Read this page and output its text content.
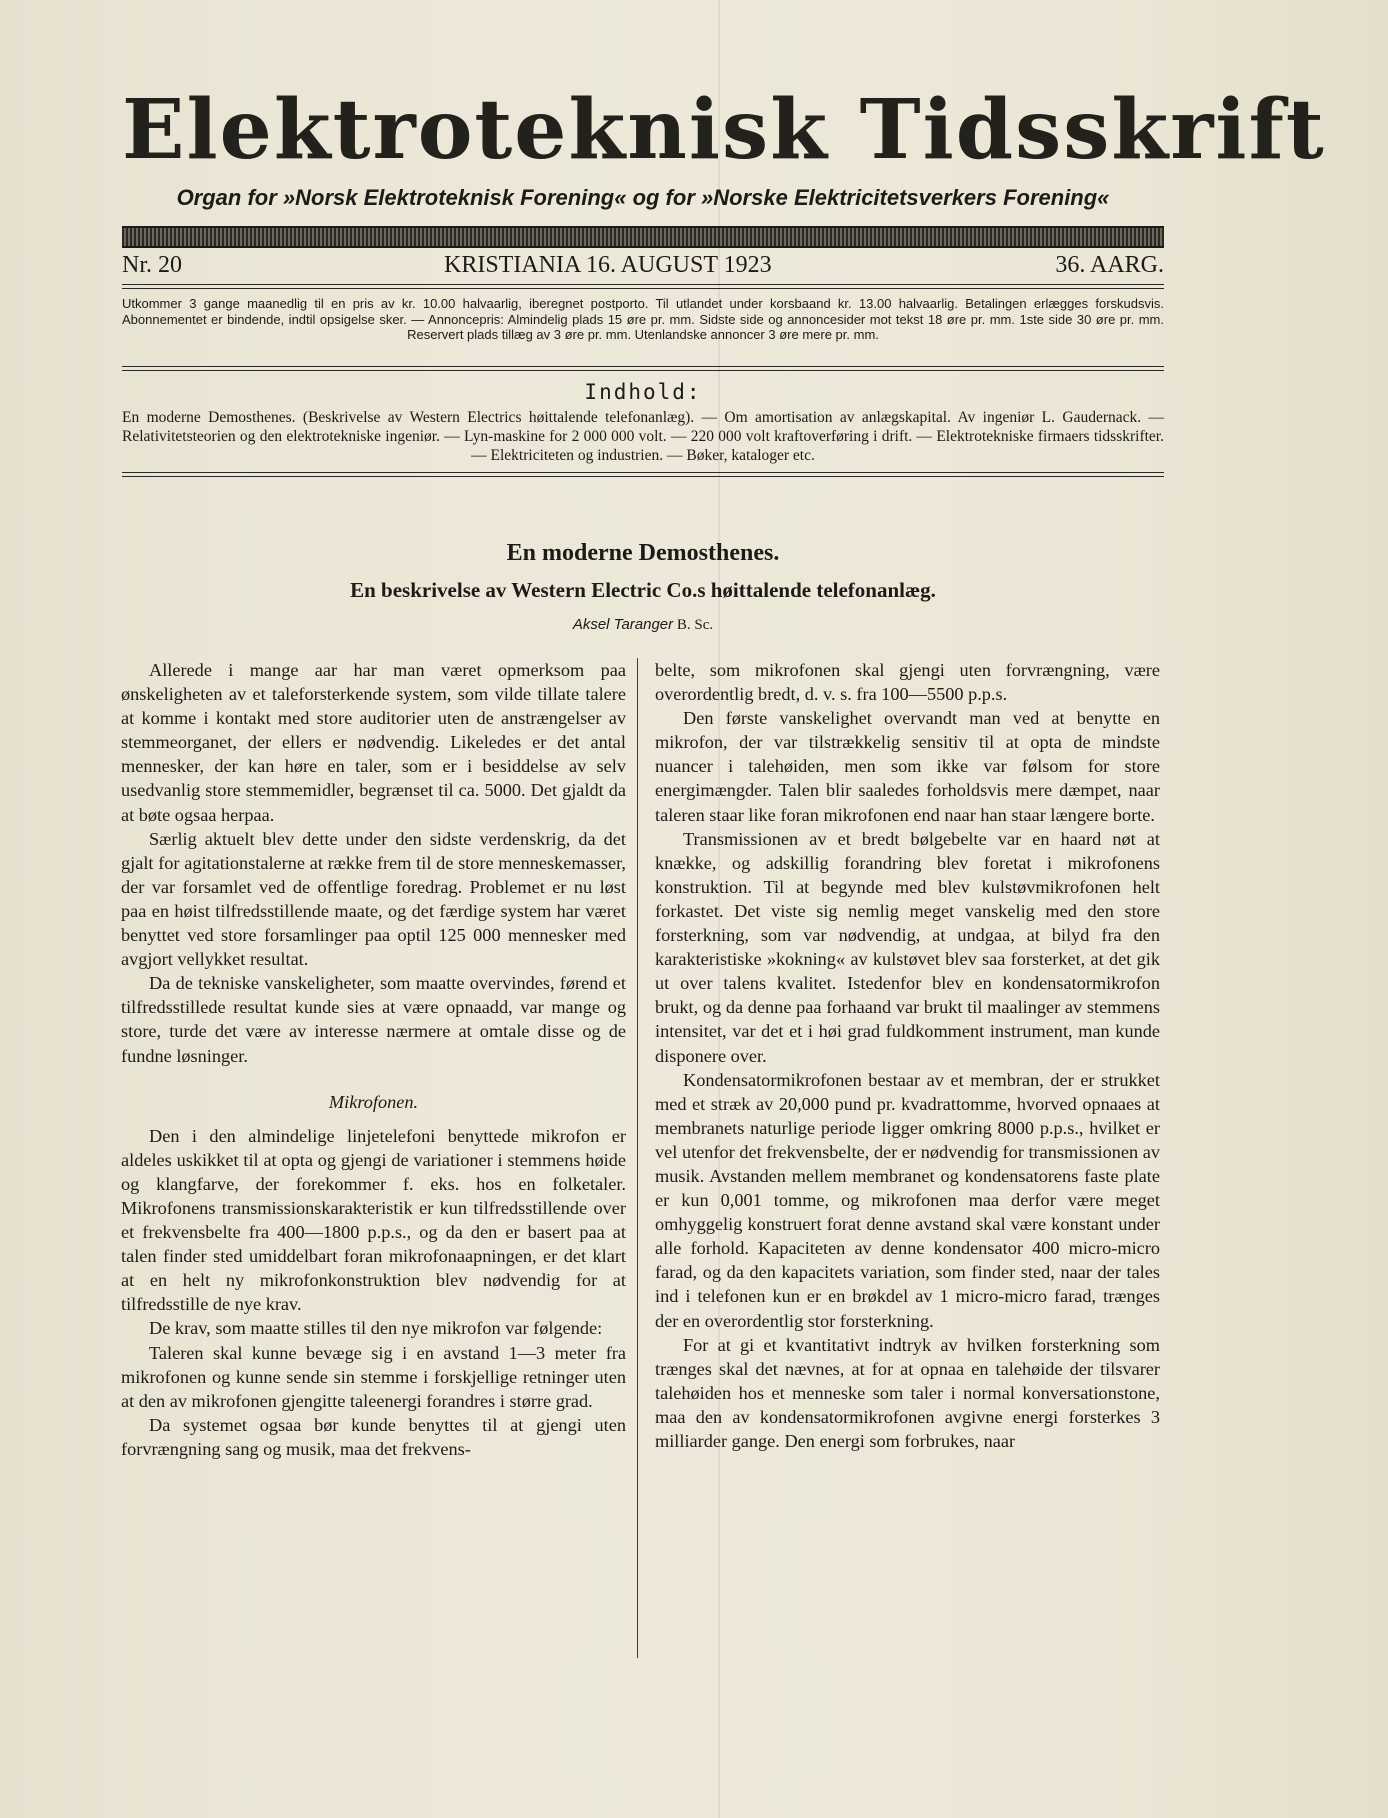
Elektroteknisk Tidsskrift
Organ for »Norsk Elektroteknisk Forening« og for »Norske Elektricitetsverkers Forening«
Nr. 20	KRISTIANIA 16. AUGUST 1923	36. AARG.
Utkommer 3 gange maanedlig til en pris av kr. 10.00 halvaarlig, iberegnet postporto. Til utlandet under korsbaand kr. 13.00 halvaarlig. Betalingen erlægges forskudsvis. Abonnementet er bindende, indtil opsigelse sker. — Annoncepris: Almindelig plads 15 øre pr. mm. Sidste side og annoncesider mot tekst 18 øre pr. mm. 1ste side 30 øre pr. mm. Reservert plads tillæg av 3 øre pr. mm. Utenlandske annoncer 3 øre mere pr. mm.
Indhold:
En moderne Demosthenes. (Beskrivelse av Western Electrics høittalende telefonanlæg). — Om amortisation av anlægskapital. Av ingeniør L. Gaudernack. — Relativitetsteorien og den elektrotekniske ingeniør. — Lyn-maskine for 2 000 000 volt. — 220 000 volt kraftoverføring i drift. — Elektrotekniske firmaers tidsskrifter. — Elektriciteten og industrien. — Bøker, kataloger etc.
En moderne Demosthenes.
En beskrivelse av Western Electric Co.s høittalende telefonanlæg.
Aksel Taranger B. Sc.

Allerede i mange aar har man været opmerksom paa ønskeligheten av et taleforsterkende system, som vilde tillate talere at komme i kontakt med store auditorier uten de anstrængelser av stemmeorganet, der ellers er nødvendig. Likeledes er det antal mennesker, der kan høre en taler, som er i besiddelse av selv usedvanlig store stemmemidler, begrænset til ca. 5000. Det gjaldt da at bøte ogsaa herpaa.

Særlig aktuelt blev dette under den sidste verdenskrig, da det gjalt for agitationstalerne at række frem til de store menneskemasser, der var forsamlet ved de offentlige foredrag. Problemet er nu løst paa en høist tilfredsstillende maate, og det færdige system har været benyttet ved store forsamlinger paa optil 125 000 mennesker med avgjort vellykket resultat.

Da de tekniske vanskeligheter, som maatte overvindes, førend et tilfredsstillede resultat kunde sies at være opnaadd, var mange og store, turde det være av interesse nærmere at omtale disse og de fundne løsninger.

Mikrofonen.

Den i den almindelige linjetelefoni benyttede mikrofon er aldeles uskikket til at opta og gjengi de variationer i stemmens høide og klangfarve, der forekommer f. eks. hos en folketaler. Mikrofonens transmissionskarakteristik er kun tilfredsstillende over et frekvensbelte fra 400—1800 p.p.s., og da den er basert paa at talen finder sted umiddelbart foran mikrofonaapningen, er det klart at en helt ny mikrofonkonstruktion blev nødvendig for at tilfredsstille de nye krav.

De krav, som maatte stilles til den nye mikrofon var følgende:

Taleren skal kunne bevæge sig i en avstand 1—3 meter fra mikrofonen og kunne sende sin stemme i forskjellige retninger uten at den av mikrofonen gjengitte taleenergi forandres i større grad.

Da systemet ogsaa bør kunde benyttes til at gjengi uten forvrængning sang og musik, maa det frekvens-

belte, som mikrofonen skal gjengi uten forvrængning, være overordentlig bredt, d. v. s. fra 100—5500 p.p.s.

Den første vanskelighet overvandt man ved at benytte en mikrofon, der var tilstrækkelig sensitiv til at opta de mindste nuancer i talehøiden, men som ikke var følsom for store energimængder. Talen blir saaledes forholdsvis mere dæmpet, naar taleren staar like foran mikrofonen end naar han staar længere borte.

Transmissionen av et bredt bølgebelte var en haard nøt at knække, og adskillig forandring blev foretat i mikrofonens konstruktion. Til at begynde med blev kulstøvmikrofonen helt forkastet. Det viste sig nemlig meget vanskelig med den store forsterkning, som var nødvendig, at undgaa, at bilyd fra den karakteristiske »kokning« av kulstøvet blev saa forsterket, at det gik ut over talens kvalitet. Istedenfor blev en kondensatormikrofon brukt, og da denne paa forhaand var brukt til maalinger av stemmens intensitet, var det et i høi grad fuldkomment instrument, man kunde disponere over.

Kondensatormikrofonen bestaar av et membran, der er strukket med et stræk av 20,000 pund pr. kvadrattomme, hvorved opnaaes at membranets naturlige periode ligger omkring 8000 p.p.s., hvilket er vel utenfor det frekvensbelte, der er nødvendig for transmissionen av musik. Avstanden mellem membranet og kondensatorens faste plate er kun 0,001 tomme, og mikrofonen maa derfor være meget omhyggelig konstruert forat denne avstand skal være konstant under alle forhold. Kapaciteten av denne kondensator 400 micro-micro farad, og da den kapacitets variation, som finder sted, naar der tales ind i telefonen kun er en brøkdel av 1 micro-micro farad, trænges der en overordentlig stor forsterkning.

For at gi et kvantitativt indtryk av hvilken forsterkning som trænges skal det nævnes, at for at opnaa en talehøide der tilsvarer talehøiden hos et menneske som taler i normal konversationstone, maa den av kondensatormikrofonen avgivne energi forsterkes 3 milliarder gange. Den energi som forbrukes, naar
